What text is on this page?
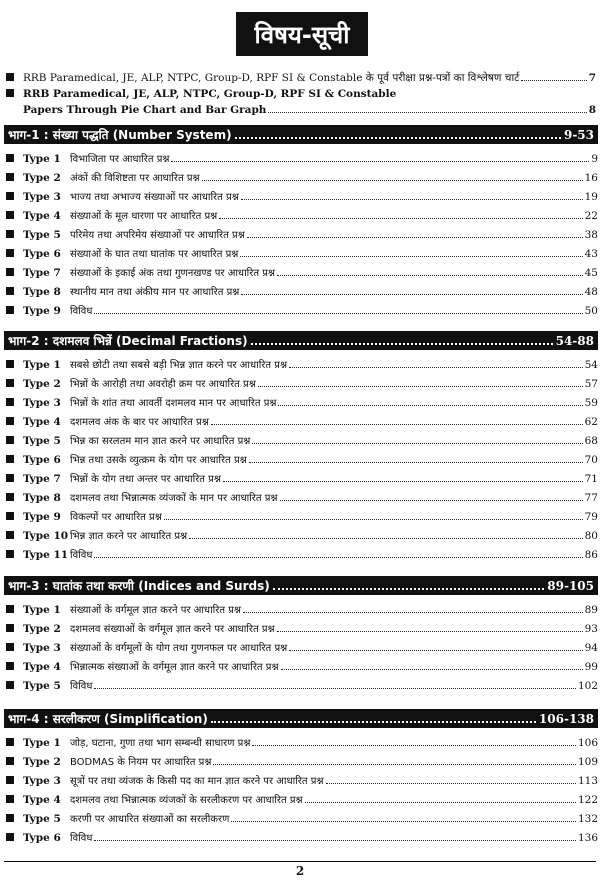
विषय-सूची
RRB Paramedical, JE, ALP, NTPC, Group-D, RPF SI & Constable के पूर्व परीक्षा प्रश्न-पत्रों का विश्लेषण चार्ट	7
RRB Paramedical, JE, ALP, NTPC, Group-D, RPF SI & Constable
Papers Through Pie Chart and Bar Graph	8
भाग-1 : संख्या पद्धति (Number System)	9-53
Type 1 विभाजिता पर आधारित प्रश्न	9
Type 2 अंकों की विशिष्टता पर आधारित प्रश्न	16
Type 3 भाज्य तथा अभाज्य संख्याओं पर आधारित प्रश्न	19
Type 4 संख्याओं के मूल धारणा पर आधारित प्रश्न	22
Type 5 परिमेय तथा अपरिमेय संख्याओं पर आधारित प्रश्न	38
Type 6 संख्याओं के घात तथा घातांक पर आधारित प्रश्न	43
Type 7 संख्याओं के इकाई अंक तथा गुणनखण्ड पर आधारित प्रश्न	45
Type 8 स्थानीय मान तथा अंकीय मान पर आधारित प्रश्न	48
Type 9 विविध	50
भाग-2 : दशमलव भिन्नें (Decimal Fractions)	54-88
Type 1 सबसे छोटी तथा सबसे बड़ी भिन्न ज्ञात करने पर आधारित प्रश्न	54
Type 2 भिन्नों के आरोही तथा अवरोही क्रम पर आधारित प्रश्न	57
Type 3 भिन्नों के शांत तथा आवर्ती दशमलव मान पर आधारित प्रश्न	59
Type 4 दशमलव अंक के बार पर आधारित प्रश्न	62
Type 5 भिन्न का सरलतम मान ज्ञात करने पर आधारित प्रश्न	68
Type 6 भिन्न तथा उसके व्युत्क्रम के योग पर आधारित प्रश्न	70
Type 7 भिन्नों के योग तथा अन्तर पर आधारित प्रश्न	71
Type 8 दशमलव तथा भिन्नात्मक व्यंजकों के मान पर आधारित प्रश्न	77
Type 9 विकल्पों पर आधारित प्रश्न	79
Type 10 भिन्न ज्ञात करने पर आधारित प्रश्न	80
Type 11 विविध	86
भाग-3 : घातांक तथा करणी (Indices and Surds)	89-105
Type 1 संख्याओं के वर्गमूल ज्ञात करने पर आधारित प्रश्न	89
Type 2 दशमलव संख्याओं के वर्गमूल ज्ञात करने पर आधारित प्रश्न	93
Type 3 संख्याओं के वर्गमूलों के योग तथा गुणनफल पर आधारित प्रश्न	94
Type 4 भिन्नात्मक संख्याओं के वर्गमूल ज्ञात करने पर आधारित प्रश्न	99
Type 5 विविध	102
भाग-4 : सरलीकरण (Simplification)	106-138
Type 1 जोड़, घटाना, गुणा तथा भाग सम्बन्धी साधारण प्रश्न	106
Type 2 BODMAS के नियम पर आधारित प्रश्न	109
Type 3 सूत्रों पर तथा व्यंजक के किसी पद का मान ज्ञात करने पर आधारित प्रश्न	113
Type 4 दशमलव तथा भिन्नात्मक व्यंजकों के सरलीकरण पर आधारित प्रश्न	122
Type 5 करणी पर आधारित संख्याओं का सरलीकरण	132
Type 6 विविध	136
2
